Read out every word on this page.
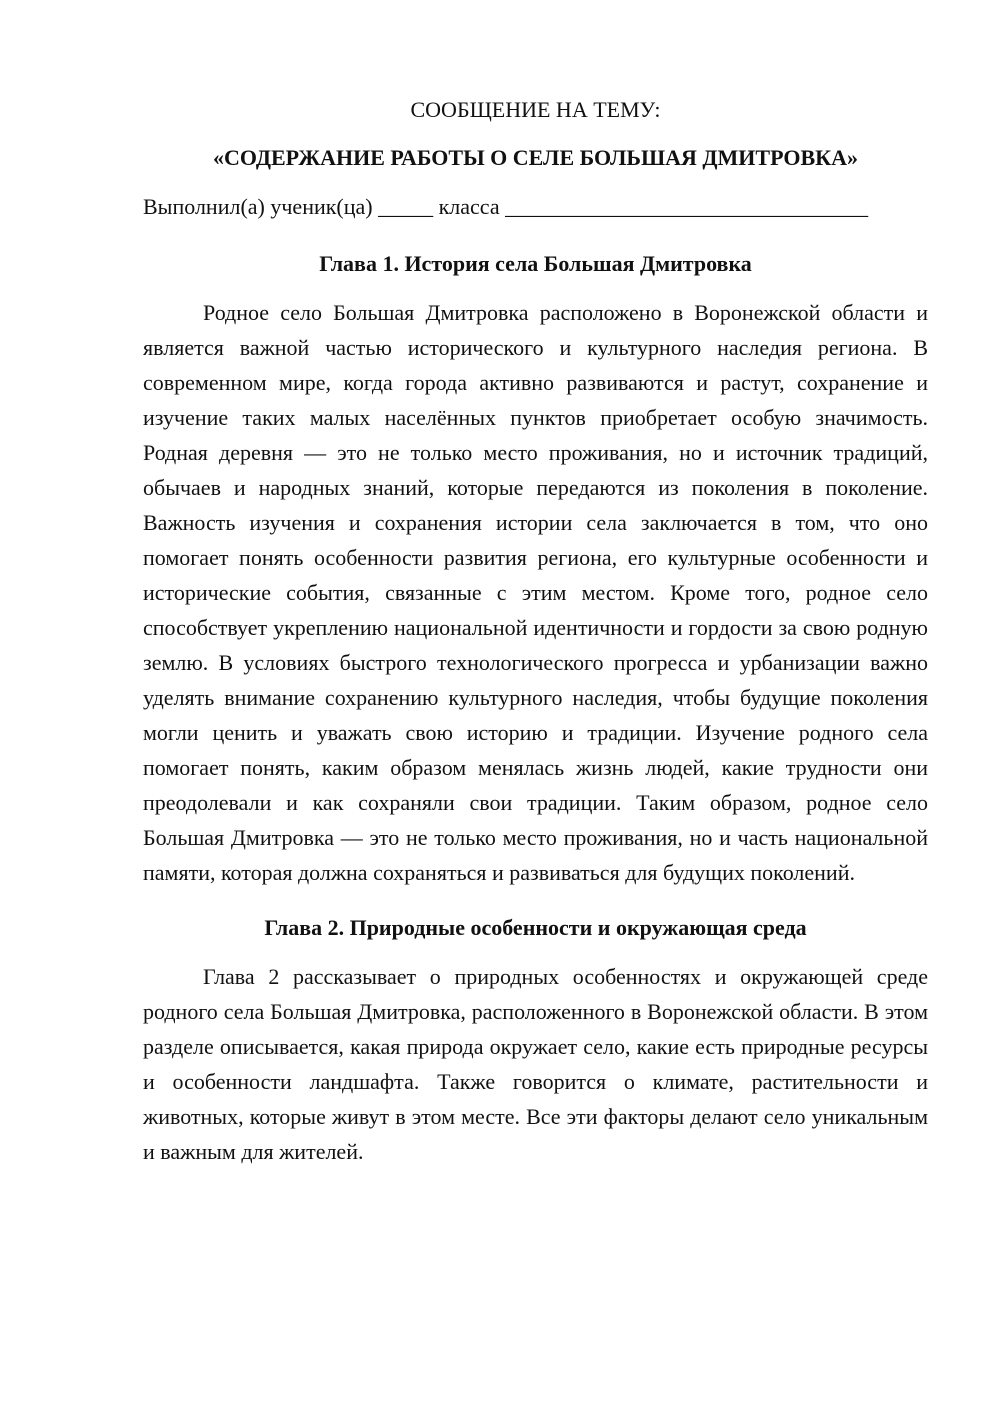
СООБЩЕНИЕ НА ТЕМУ:

«СОДЕРЖАНИЕ РАБОТЫ О СЕЛЕ БОЛЬШАЯ ДМИТРОВКА»

Выполнил(а) ученик(ца) _____ класса _________________________________

Глава 1. История села Большая Дмитровка

Родное село Большая Дмитровка расположено в Воронежской области и является важной частью исторического и культурного наследия региона. В современном мире, когда города активно развиваются и растут, сохранение и изучение таких малых населённых пунктов приобретает особую значимость. Родная деревня — это не только место проживания, но и источник традиций, обычаев и народных знаний, которые передаются из поколения в поколение. Важность изучения и сохранения истории села заключается в том, что оно помогает понять особенности развития региона, его культурные особенности и исторические события, связанные с этим местом. Кроме того, родное село способствует укреплению национальной идентичности и гордости за свою родную землю. В условиях быстрого технологического прогресса и урбанизации важно уделять внимание сохранению культурного наследия, чтобы будущие поколения могли ценить и уважать свою историю и традиции. Изучение родного села помогает понять, каким образом менялась жизнь людей, какие трудности они преодолевали и как сохраняли свои традиции. Таким образом, родное село Большая Дмитровка — это не только место проживания, но и часть национальной памяти, которая должна сохраняться и развиваться для будущих поколений.

Глава 2. Природные особенности и окружающая среда

Глава 2 рассказывает о природных особенностях и окружающей среде родного села Большая Дмитровка, расположенного в Воронежской области. В этом разделе описывается, какая природа окружает село, какие есть природные ресурсы и особенности ландшафта. Также говорится о климате, растительности и животных, которые живут в этом месте. Все эти факторы делают село уникальным и важным для жителей.
